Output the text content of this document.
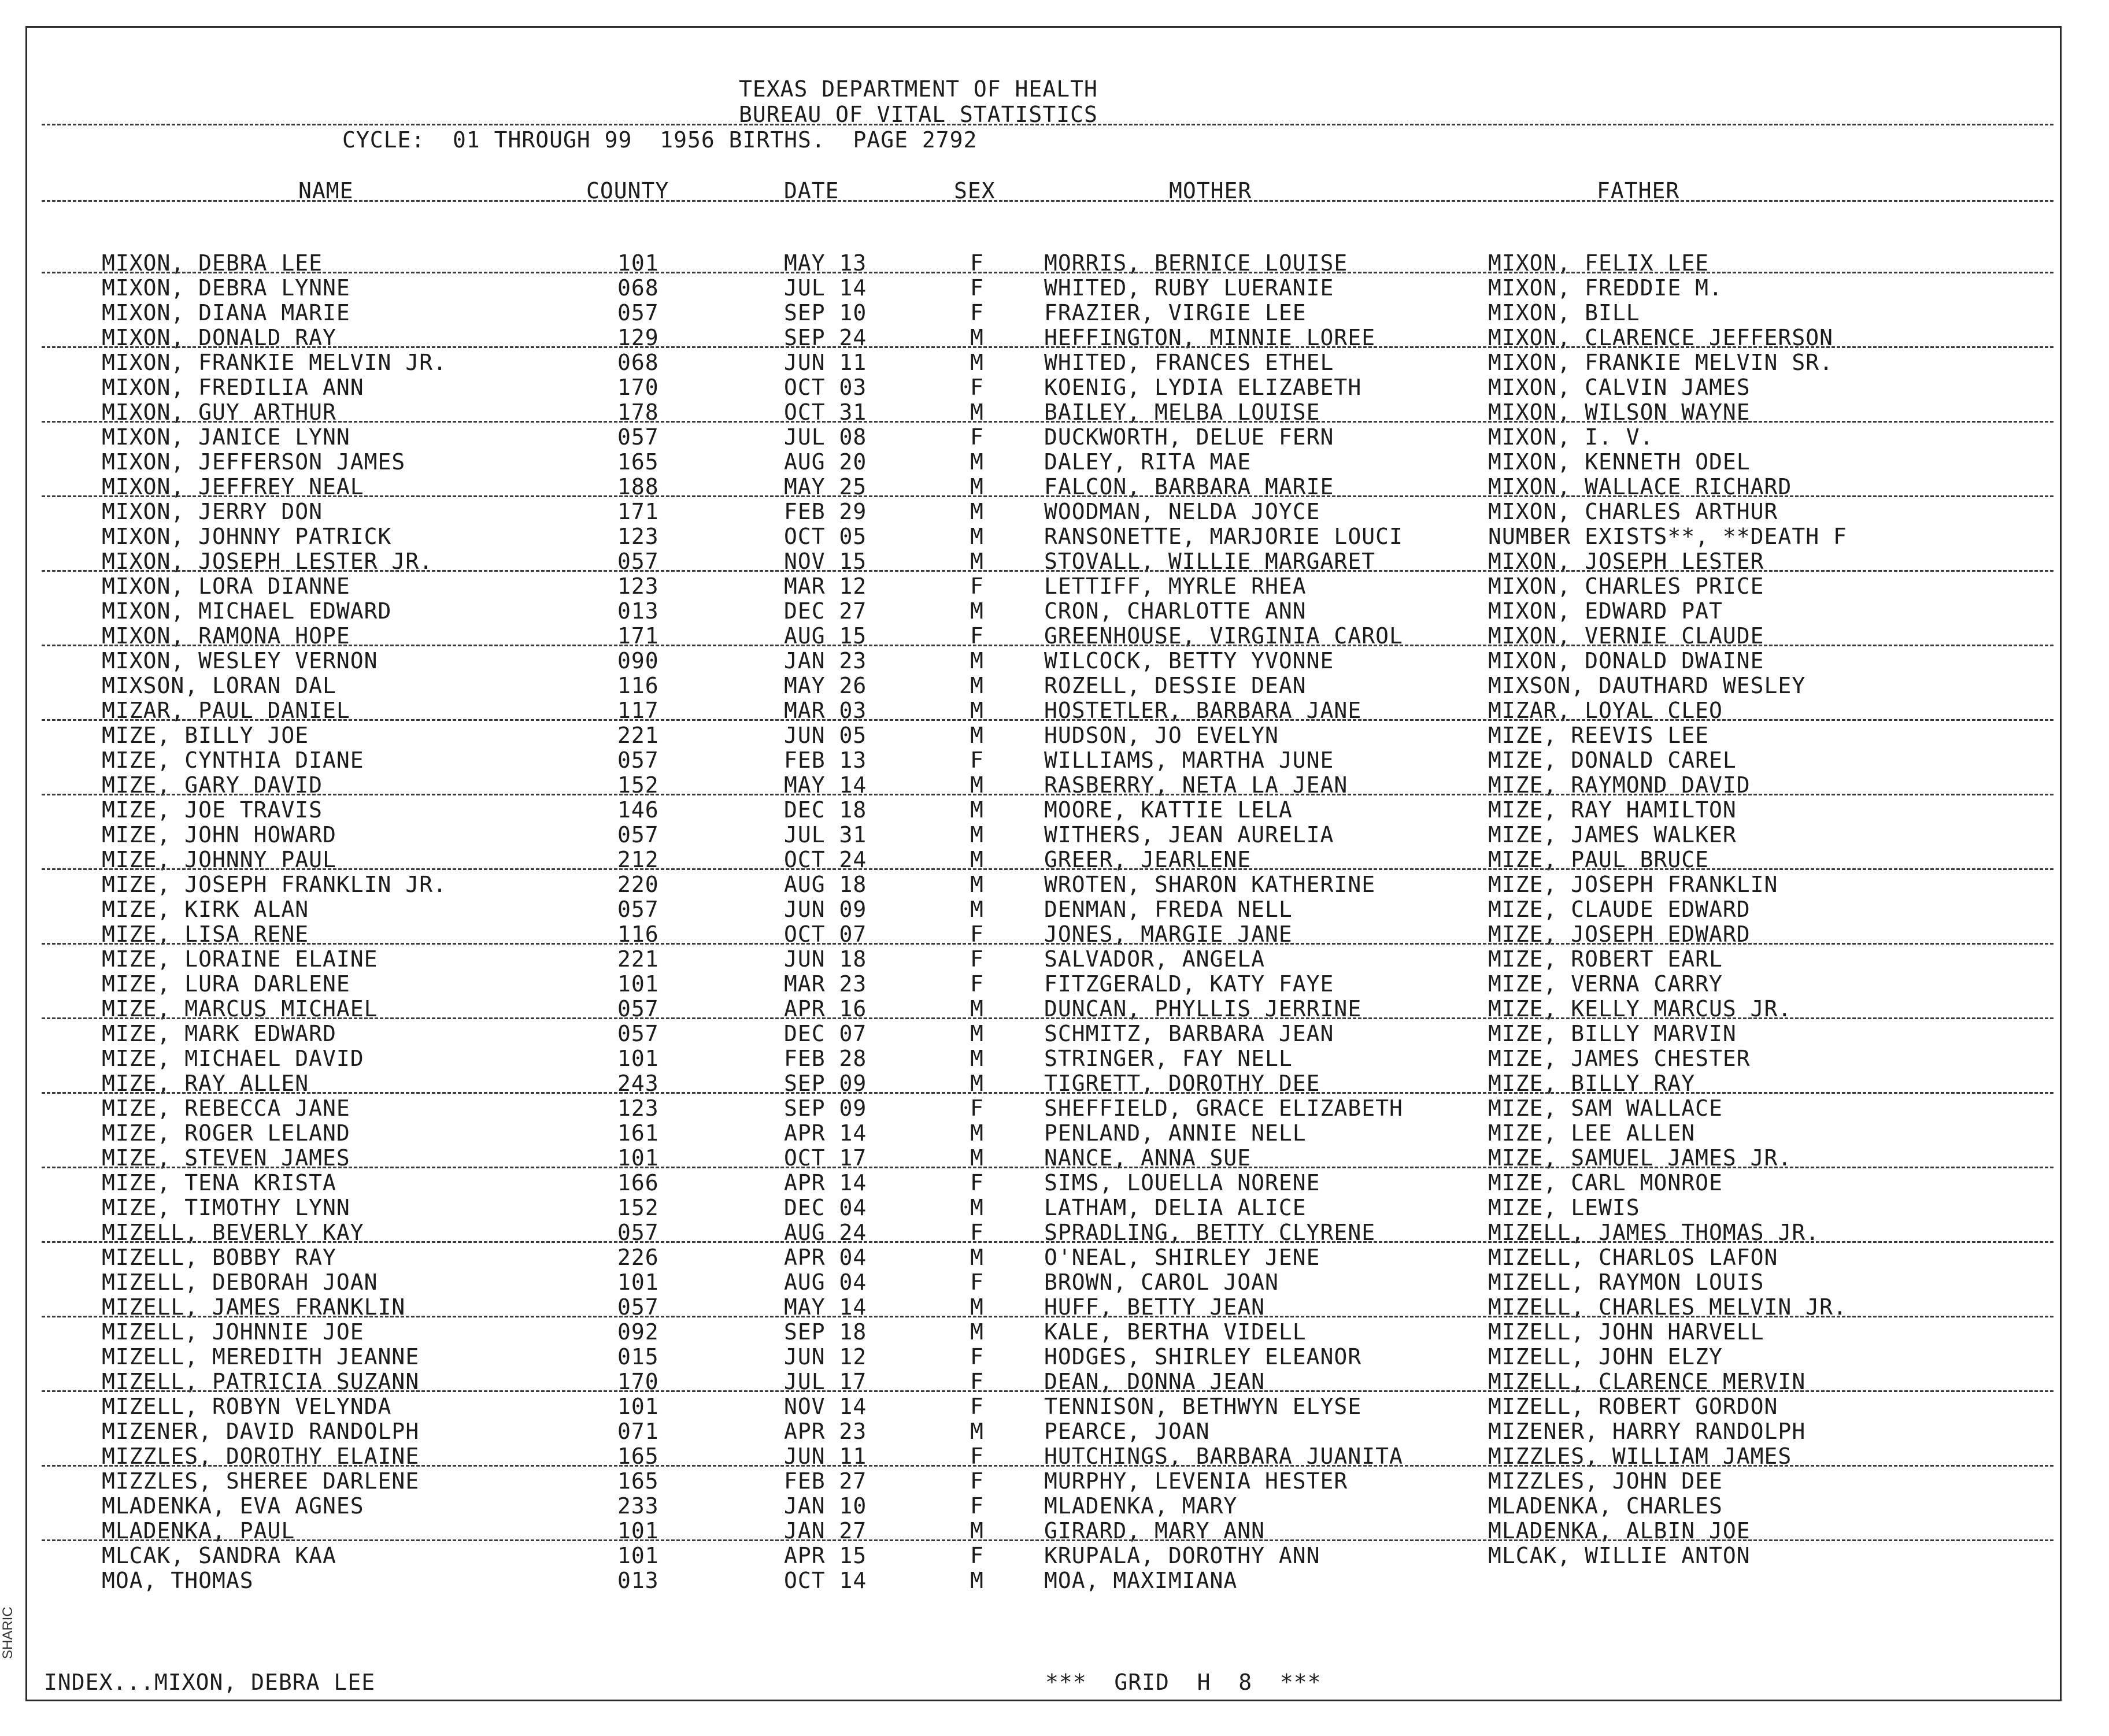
SHARIC
TEXAS DEPARTMENT OF HEALTH
BUREAU OF VITAL STATISTICS
CYCLE:  01 THROUGH 99  1956 BIRTHS.  PAGE 2792
NAME	COUNTY	DATE	SEX	MOTHER	FATHER
MIXON, DEBRA LEE	101	MAY 13	F	MORRIS, BERNICE LOUISE	MIXON, FELIX LEE
MIXON, DEBRA LYNNE	068	JUL 14	F	WHITED, RUBY LUERANIE	MIXON, FREDDIE M.
MIXON, DIANA MARIE	057	SEP 10	F	FRAZIER, VIRGIE LEE	MIXON, BILL
MIXON, DONALD RAY	129	SEP 24	M	HEFFINGTON, MINNIE LOREE	MIXON, CLARENCE JEFFERSON
MIXON, FRANKIE MELVIN JR.	068	JUN 11	M	WHITED, FRANCES ETHEL	MIXON, FRANKIE MELVIN SR.
MIXON, FREDILIA ANN	170	OCT 03	F	KOENIG, LYDIA ELIZABETH	MIXON, CALVIN JAMES
MIXON, GUY ARTHUR	178	OCT 31	M	BAILEY, MELBA LOUISE	MIXON, WILSON WAYNE
MIXON, JANICE LYNN	057	JUL 08	F	DUCKWORTH, DELUE FERN	MIXON, I. V.
MIXON, JEFFERSON JAMES	165	AUG 20	M	DALEY, RITA MAE	MIXON, KENNETH ODEL
MIXON, JEFFREY NEAL	188	MAY 25	M	FALCON, BARBARA MARIE	MIXON, WALLACE RICHARD
MIXON, JERRY DON	171	FEB 29	M	WOODMAN, NELDA JOYCE	MIXON, CHARLES ARTHUR
MIXON, JOHNNY PATRICK	123	OCT 05	M	RANSONETTE, MARJORIE LOUCI	NUMBER EXISTS**, **DEATH F
MIXON, JOSEPH LESTER JR.	057	NOV 15	M	STOVALL, WILLIE MARGARET	MIXON, JOSEPH LESTER
MIXON, LORA DIANNE	123	MAR 12	F	LETTIFF, MYRLE RHEA	MIXON, CHARLES PRICE
MIXON, MICHAEL EDWARD	013	DEC 27	M	CRON, CHARLOTTE ANN	MIXON, EDWARD PAT
MIXON, RAMONA HOPE	171	AUG 15	F	GREENHOUSE, VIRGINIA CAROL	MIXON, VERNIE CLAUDE
MIXON, WESLEY VERNON	090	JAN 23	M	WILCOCK, BETTY YVONNE	MIXON, DONALD DWAINE
MIXSON, LORAN DAL	116	MAY 26	M	ROZELL, DESSIE DEAN	MIXSON, DAUTHARD WESLEY
MIZAR, PAUL DANIEL	117	MAR 03	M	HOSTETLER, BARBARA JANE	MIZAR, LOYAL CLEO
MIZE, BILLY JOE	221	JUN 05	M	HUDSON, JO EVELYN	MIZE, REEVIS LEE
MIZE, CYNTHIA DIANE	057	FEB 13	F	WILLIAMS, MARTHA JUNE	MIZE, DONALD CAREL
MIZE, GARY DAVID	152	MAY 14	M	RASBERRY, NETA LA JEAN	MIZE, RAYMOND DAVID
MIZE, JOE TRAVIS	146	DEC 18	M	MOORE, KATTIE LELA	MIZE, RAY HAMILTON
MIZE, JOHN HOWARD	057	JUL 31	M	WITHERS, JEAN AURELIA	MIZE, JAMES WALKER
MIZE, JOHNNY PAUL	212	OCT 24	M	GREER, JEARLENE	MIZE, PAUL BRUCE
MIZE, JOSEPH FRANKLIN JR.	220	AUG 18	M	WROTEN, SHARON KATHERINE	MIZE, JOSEPH FRANKLIN
MIZE, KIRK ALAN	057	JUN 09	M	DENMAN, FREDA NELL	MIZE, CLAUDE EDWARD
MIZE, LISA RENE	116	OCT 07	F	JONES, MARGIE JANE	MIZE, JOSEPH EDWARD
MIZE, LORAINE ELAINE	221	JUN 18	F	SALVADOR, ANGELA	MIZE, ROBERT EARL
MIZE, LURA DARLENE	101	MAR 23	F	FITZGERALD, KATY FAYE	MIZE, VERNA CARRY
MIZE, MARCUS MICHAEL	057	APR 16	M	DUNCAN, PHYLLIS JERRINE	MIZE, KELLY MARCUS JR.
MIZE, MARK EDWARD	057	DEC 07	M	SCHMITZ, BARBARA JEAN	MIZE, BILLY MARVIN
MIZE, MICHAEL DAVID	101	FEB 28	M	STRINGER, FAY NELL	MIZE, JAMES CHESTER
MIZE, RAY ALLEN	243	SEP 09	M	TIGRETT, DOROTHY DEE	MIZE, BILLY RAY
MIZE, REBECCA JANE	123	SEP 09	F	SHEFFIELD, GRACE ELIZABETH	MIZE, SAM WALLACE
MIZE, ROGER LELAND	161	APR 14	M	PENLAND, ANNIE NELL	MIZE, LEE ALLEN
MIZE, STEVEN JAMES	101	OCT 17	M	NANCE, ANNA SUE	MIZE, SAMUEL JAMES JR.
MIZE, TENA KRISTA	166	APR 14	F	SIMS, LOUELLA NORENE	MIZE, CARL MONROE
MIZE, TIMOTHY LYNN	152	DEC 04	M	LATHAM, DELIA ALICE	MIZE, LEWIS
MIZELL, BEVERLY KAY	057	AUG 24	F	SPRADLING, BETTY CLYRENE	MIZELL, JAMES THOMAS JR.
MIZELL, BOBBY RAY	226	APR 04	M	O'NEAL, SHIRLEY JENE	MIZELL, CHARLOS LAFON
MIZELL, DEBORAH JOAN	101	AUG 04	F	BROWN, CAROL JOAN	MIZELL, RAYMON LOUIS
MIZELL, JAMES FRANKLIN	057	MAY 14	M	HUFF, BETTY JEAN	MIZELL, CHARLES MELVIN JR.
MIZELL, JOHNNIE JOE	092	SEP 18	M	KALE, BERTHA VIDELL	MIZELL, JOHN HARVELL
MIZELL, MEREDITH JEANNE	015	JUN 12	F	HODGES, SHIRLEY ELEANOR	MIZELL, JOHN ELZY
MIZELL, PATRICIA SUZANN	170	JUL 17	F	DEAN, DONNA JEAN	MIZELL, CLARENCE MERVIN
MIZELL, ROBYN VELYNDA	101	NOV 14	F	TENNISON, BETHWYN ELYSE	MIZELL, ROBERT GORDON
MIZENER, DAVID RANDOLPH	071	APR 23	M	PEARCE, JOAN	MIZENER, HARRY RANDOLPH
MIZZLES, DOROTHY ELAINE	165	JUN 11	F	HUTCHINGS, BARBARA JUANITA	MIZZLES, WILLIAM JAMES
MIZZLES, SHEREE DARLENE	165	FEB 27	F	MURPHY, LEVENIA HESTER	MIZZLES, JOHN DEE
MLADENKA, EVA AGNES	233	JAN 10	F	MLADENKA, MARY	MLADENKA, CHARLES
MLADENKA, PAUL	101	JAN 27	M	GIRARD, MARY ANN	MLADENKA, ALBIN JOE
MLCAK, SANDRA KAA	101	APR 15	F	KRUPALA, DOROTHY ANN	MLCAK, WILLIE ANTON
MOA, THOMAS	013	OCT 14	M	MOA, MAXIMIANA
INDEX...MIXON, DEBRA LEE	***  GRID  H  8  ***
